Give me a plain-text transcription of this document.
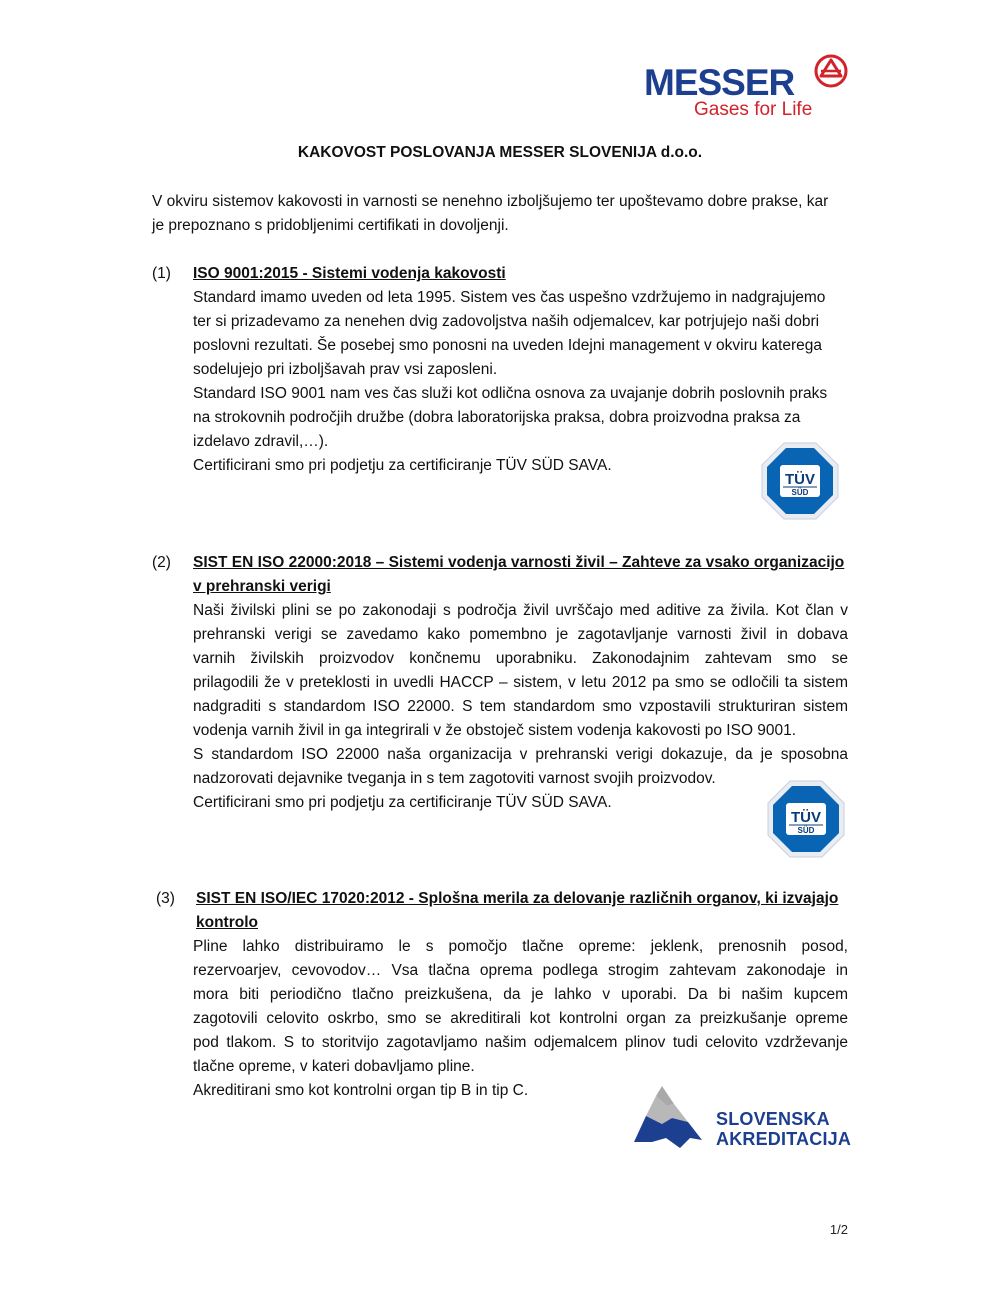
MESSER
Gases for Life
KAKOVOST POSLOVANJA MESSER SLOVENIJA d.o.o.
V okviru sistemov kakovosti in varnosti se nenehno izboljšujemo ter upoštevamo dobre prakse, kar
je prepoznano s pridobljenimi certifikati in dovoljenji.
(1) ISO 9001:2015 - Sistemi vodenja kakovosti
Standard imamo uveden od leta 1995. Sistem ves čas uspešno vzdržujemo in nadgrajujemo
ter si prizadevamo za nenehen dvig zadovoljstva naših odjemalcev, kar potrjujejo naši dobri
poslovni rezultati. Še posebej smo ponosni na uveden Idejni management v okviru katerega
sodelujejo pri izboljšavah prav vsi zaposleni.
Standard ISO 9001 nam ves čas služi kot odlična osnova za uvajanje dobrih poslovnih praks
na strokovnih področjih družbe (dobra laboratorijska praksa, dobra proizvodna praksa za
izdelavo zdravil,…).
Certificirani smo pri podjetju za certificiranje TÜV SÜD SAVA.
TÜV
SÜD
(2) SIST EN ISO 22000:2018 – Sistemi vodenja varnosti živil – Zahteve za vsako organizacijo
v prehranski verigi
Naši živilski plini se po zakonodaji s področja živil uvrščajo med aditive za živila. Kot član v
prehranski verigi se zavedamo kako pomembno je zagotavljanje varnosti živil in dobava
varnih živilskih proizvodov končnemu uporabniku. Zakonodajnim zahtevam smo se
prilagodili že v preteklosti in uvedli HACCP – sistem, v letu 2012 pa smo se odločili ta sistem
nadgraditi s standardom ISO 22000. S tem standardom smo vzpostavili strukturiran sistem
vodenja varnih živil in ga integrirali v že obstoječ sistem vodenja kakovosti po ISO 9001.
S standardom ISO 22000 naša organizacija v prehranski verigi dokazuje, da je sposobna
nadzorovati dejavnike tveganja in s tem zagotoviti varnost svojih proizvodov.
Certificirani smo pri podjetju za certificiranje TÜV SÜD SAVA.
TÜV
SÜD
(3) SIST EN ISO/IEC 17020:2012 - Splošna merila za delovanje različnih organov, ki izvajajo
kontrolo
Pline lahko distribuiramo le s pomočjo tlačne opreme: jeklenk, prenosnih posod,
rezervoarjev, cevovodov… Vsa tlačna oprema podlega strogim zahtevam zakonodaje in
mora biti periodično tlačno preizkušena, da je lahko v uporabi. Da bi našim kupcem
zagotovili celovito oskrbo, smo se akreditirali kot kontrolni organ za preizkušanje opreme
pod tlakom. S to storitvijo zagotavljamo našim odjemalcem plinov tudi celovito vzdrževanje
tlačne opreme, v kateri dobavljamo pline.
Akreditirani smo kot kontrolni organ tip B in tip C.
SLOVENSKA
AKREDITACIJA
1/2
